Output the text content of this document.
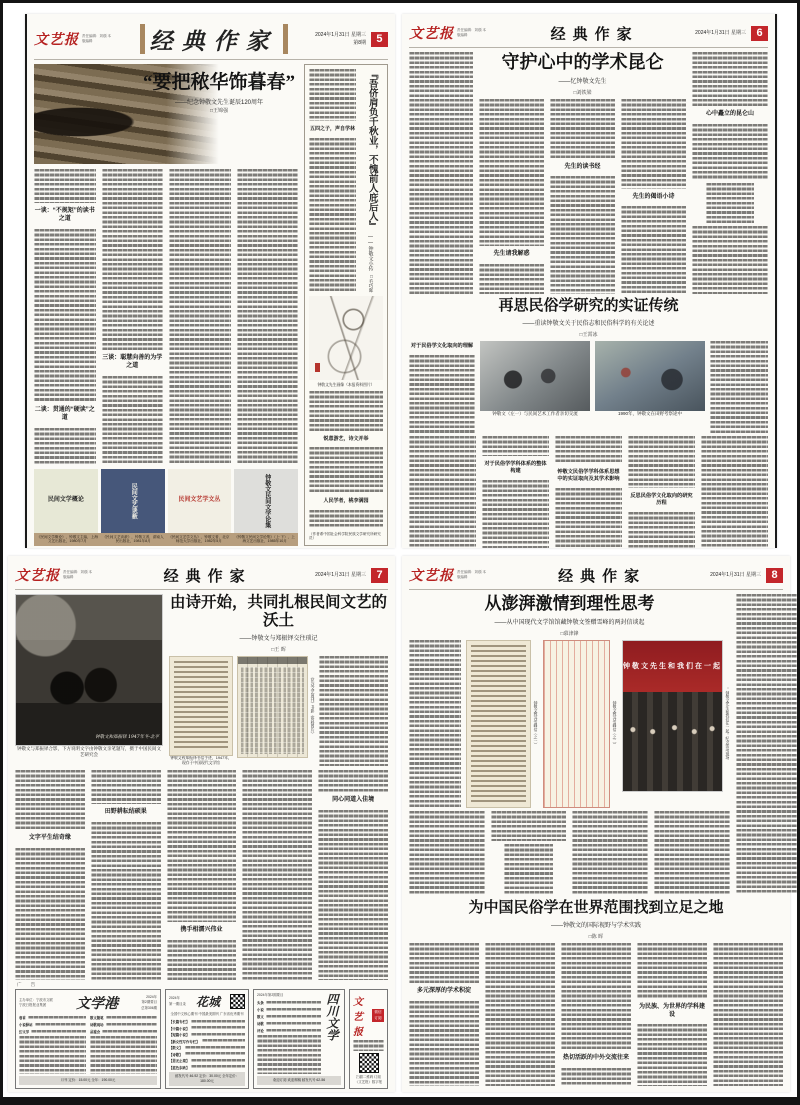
文艺报 责任编辑：刘颋 本版编辑	经典作家	2024年1月31日 星期三
第8期 5
“要把秾华饰暮春”
——纪念钟敬文先生诞辰120周年
□王锦强
一谈：“不规矩”的读书之道
二谈：贯通的“硬读”之道
三谈：聪慧向善的为学之道
民间文学概论	民间文艺谈薮	民间文艺学文丛	钟敬文民间文学论集
《民间文学概论》，钟敬文主编，上海文艺出版社，1980年7月
《民间文艺谈薮》，钟敬文著，湖南人民出版社，1981年8月
《民间文艺学文丛》，钟敬文著，北京师范大学出版社，1982年5月
《钟敬文民间文学论集》（上·下），上海文艺出版社，1985年10月
五四之子，声自学林 『吾侪肩负千秋业，不愧前人庇后人』
——钟敬文小传
□毛巧晖
钟敬文先生画像（本报资料图片）
锐意游艺，诗文并举
人民学者，桃李满园
（作者系中国社会科学院民族文学研究所研究员）
文艺报 责任编辑：刘颋 本版编辑	经典作家	2024年1月31日 星期三 6
守护心中的学术昆仑
——忆钟敬文先生
□刘铁梁
先生请我解惑
先生的读书经
先生的偈语小诗
心中矗立的昆仑山
再思民俗学研究的实证传统
——重读钟敬文关于民俗志和民俗科学的有关论述
□王霄冰
对于民俗学文化取向的理解
钟敬文（左一）与民间艺术工作者亲切交流	1990年，钟敬文在田野考察途中
对于民俗学学科体系的整体构建	钟敬文民俗学学科体系思想中的实证取向及其学术影响
反思民俗学文化取向的研究历程
文艺报 责任编辑：刘颋 本版编辑	经典作家	2024年1月31日 星期三 7
钟敬文和郑振铎 1947年冬·北平
钟敬文与郑振铎合影，下方说明文字由钟敬文亲笔题写，摄于中国民间文艺研究会
由诗开始，共同扎根民间文艺的沃土
——钟敬文与郑振铎交往琐记
□王 晖
钟敬文致郑振铎书信手迹，1947年，现存于中国现代文学馆
《民众文艺周刊》书影（资料图片）
文字平生结奇缘
田野耕耘结硕果
携手相濡兴伟业
同心同道入佳境
广 告
主办单位：宁波市文联 宁波日报报业集团	文学港	2024年
第2期要目
总第306期
卷首
小说驿站
幻文学
散文随笔
诗歌现场
品鉴会
月刊 定价：15.00元 全年：190.00元
2024年
第一期目录 花城
全国中文核心期刊 中国最美期刊 广东省优秀期刊
【长篇专栏】
【中篇小说】
【短篇小说】
【新女性写作专栏】
【散文】
【诗歌】
【思无止境】
【蓝色东欧】
邮发代号 46-92 定价：30.00元 全年定价：180.00元
2024年第2期要目
头条
小说
散文
诗歌
评论	四川文学
欢迎订阅 欢迎赐稿 邮发代号 62-56
文艺报
微信订阅
扫描二维码 订阅《文艺报》数字报
文艺报 责任编辑：刘颋 本版编辑	经典作家	2024年1月31日 星期三 8
从澎湃激情到理性思考
——从中国现代文学馆馆藏钟敬文签赠雪峰的两封信谈起
□慕津锋
钟敬文致冯雪峰信（之一）	钟敬文致冯雪峰信（之二）
钟敬文先生和我们在一起
“钟敬文先生和我们在一起”纪念活动现场
为中国民俗学在世界范围找到立足之地
——钟敬文的国际视野与学术实践
□陈 晖
多元深厚的学术积淀
热切活跃的中外交流往来
为民族、为世界的学科建设
